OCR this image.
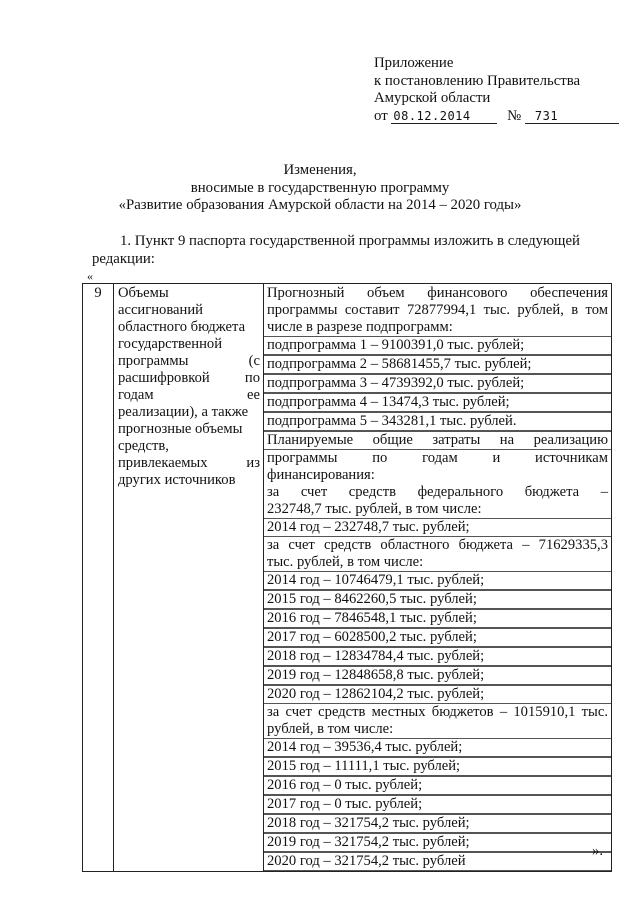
Приложение
к постановлению Правительства
Амурской области
от 08.12.2014 № 731
Изменения,
вносимые в государственную программу
«Развитие образования Амурской области на 2014 – 2020 годы»
1. Пункт 9 паспорта государственной программы изложить в следующей
редакции:
«
9	Объемы
ассигнований
областного бюджета
государственной
программы (с
расшифровкой по
годам ее
реализации), а также
прогнозные объемы
средств,
привлекаемых из
других источников

Прогнозный объем финансового обеспечения
программы составит 72877994,1 тыс. рублей, в том
числе в разрезе подпрограмм:
подпрограмма 1 – 9100391,0 тыс. рублей;
подпрограмма 2 – 58681455,7 тыс. рублей;
подпрограмма 3 – 4739392,0 тыс. рублей;
подпрограмма 4 – 13474,3 тыс. рублей;
подпрограмма 5 – 343281,1 тыс. рублей.
Планируемые общие затраты на реализацию
программы по годам и источникам
финансирования:
за счет средств федерального бюджета –
232748,7 тыс. рублей, в том числе:
2014 год – 232748,7 тыс. рублей;
за счет средств областного бюджета – 71629335,3
тыс. рублей, в том числе:
2014 год – 10746479,1 тыс. рублей;
2015 год – 8462260,5 тыс. рублей;
2016 год – 7846548,1 тыс. рублей;
2017 год – 6028500,2 тыс. рублей;
2018 год – 12834784,4 тыс. рублей;
2019 год – 12848658,8 тыс. рублей;
2020 год – 12862104,2 тыс. рублей;
за счет средств местных бюджетов – 1015910,1 тыс.
рублей, в том числе:
2014 год – 39536,4 тыс. рублей;
2015 год – 11111,1 тыс. рублей;
2016 год – 0 тыс. рублей;
2017 год – 0 тыс. рублей;
2018 год – 321754,2 тыс. рублей;
2019 год – 321754,2 тыс. рублей;
2020 год – 321754,2 тыс. рублей
».
